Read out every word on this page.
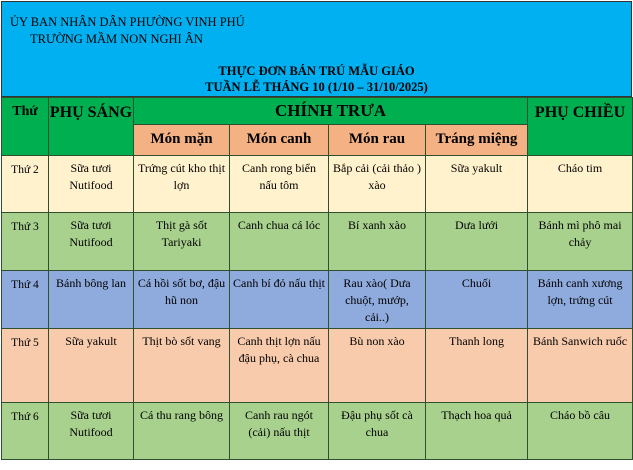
ỦY BAN NHÂN DÂN PHƯỜNG VINH PHÚ
TRƯỜNG MẦM NON NGHI ÂN
THỰC ĐƠN BÁN TRÚ MẪU GIÁO
TUẦN LỄ THÁNG 10 (1/10 – 31/10/2025)
Thứ	PHỤ SÁNG	CHÍNH TRƯA				PHỤ CHIỀU
		Món mặn	Món canh	Món rau	Tráng miệng	
Thứ 2	Sữa tươi Nutifood	Trứng cút kho thịt lợn	Canh rong biển nấu tôm	Bắp cải (cải thảo ) xào	Sữa yakult	Cháo tim
Thứ 3	Sữa tươi Nutifood	Thịt gà sốt Tariyaki	Canh chua cá lóc	Bí xanh xào	Dưa lưới	Bánh mì phô mai chảy
Thứ 4	Bánh bông lan	Cá hồi sốt bơ, đậu hũ non	Canh bí đỏ nấu thịt	Rau xào( Dưa chuột, mướp, cải..)	Chuối	Bánh canh xương lợn, trứng cút
Thứ 5	Sữa yakult	Thịt bò sốt vang	Canh thịt lợn nấu đậu phụ, cà chua	Bù non xào	Thanh long	Bánh Sanwich ruốc
Thứ 6	Sữa tươi Nutifood	Cá thu rang bông	Canh rau ngót (cải) nấu thịt	Đậu phụ sốt cà chua	Thạch hoa quả	Cháo bồ câu
